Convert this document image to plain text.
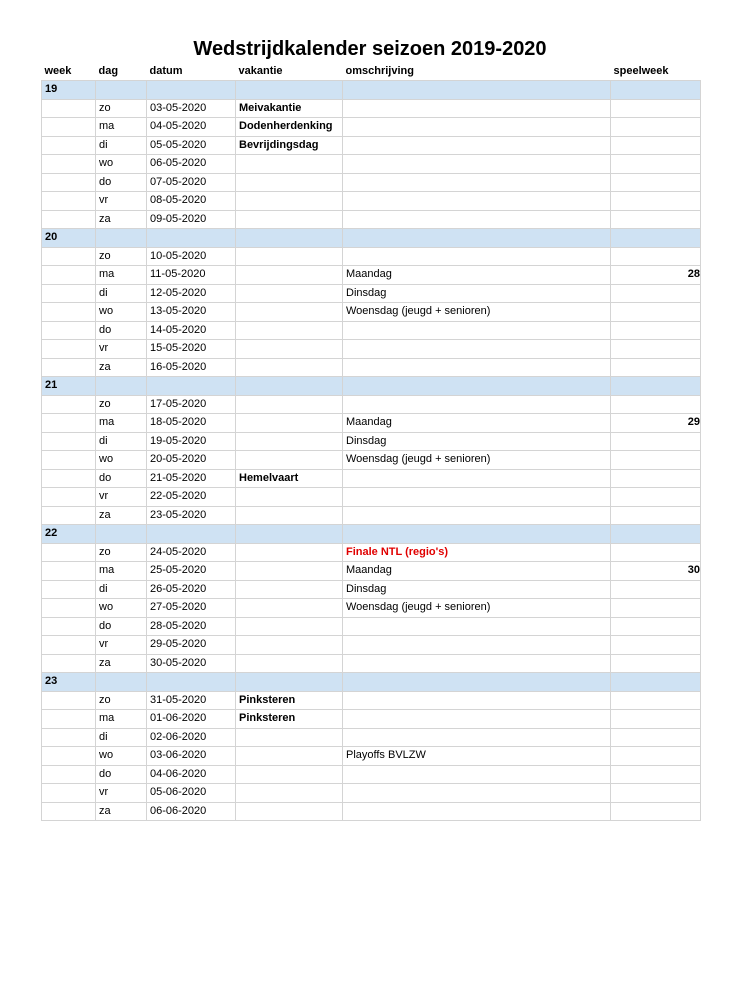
Wedstrijdkalender seizoen 2019-2020
week	dag	datum	vakantie	omschrijving	speelweek
19					
	zo	03-05-2020	Meivakantie		
	ma	04-05-2020	Dodenherdenking		
	di	05-05-2020	Bevrijdingsdag		
	wo	06-05-2020			
	do	07-05-2020			
	vr	08-05-2020			
	za	09-05-2020			
20					
	zo	10-05-2020			
	ma	11-05-2020		Maandag	28
	di	12-05-2020		Dinsdag	
	wo	13-05-2020		Woensdag (jeugd + senioren)	
	do	14-05-2020			
	vr	15-05-2020			
	za	16-05-2020			
21					
	zo	17-05-2020			
	ma	18-05-2020		Maandag	29
	di	19-05-2020		Dinsdag	
	wo	20-05-2020		Woensdag (jeugd + senioren)	
	do	21-05-2020	Hemelvaart		
	vr	22-05-2020			
	za	23-05-2020			
22					
	zo	24-05-2020		Finale NTL (regio's)	
	ma	25-05-2020		Maandag	30
	di	26-05-2020		Dinsdag	
	wo	27-05-2020		Woensdag (jeugd + senioren)	
	do	28-05-2020			
	vr	29-05-2020			
	za	30-05-2020			
23					
	zo	31-05-2020	Pinksteren		
	ma	01-06-2020	Pinksteren		
	di	02-06-2020			
	wo	03-06-2020		Playoffs BVLZW	
	do	04-06-2020			
	vr	05-06-2020			
	za	06-06-2020			
